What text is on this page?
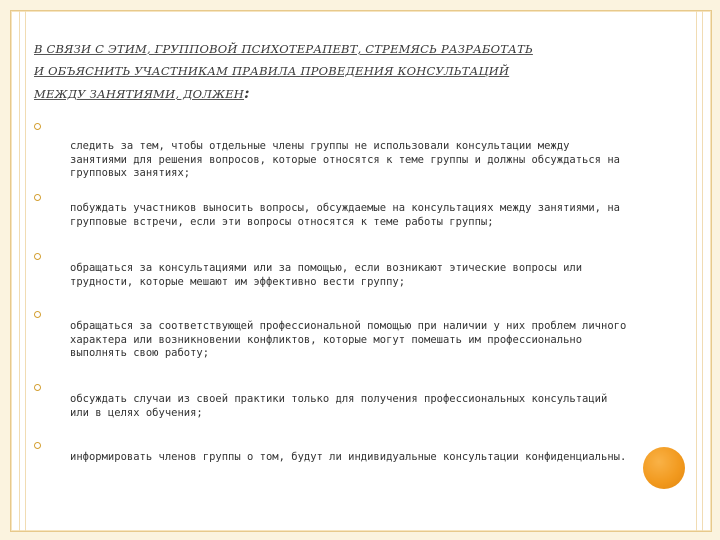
В СВЯЗИ С ЭТИМ, ГРУППОВОЙ ПСИХОТЕРАПЕВТ, СТРЕМЯСЬ РАЗРАБОТАТЬ
И ОБЪЯСНИТЬ УЧАСТНИКАМ ПРАВИЛА ПРОВЕДЕНИЯ КОНСУЛЬТАЦИЙ
МЕЖДУ ЗАНЯТИЯМИ, ДОЛЖЕН:
следить за тем, чтобы отдельные члены группы не использовали консультации между занятиями для решения вопросов, которые относятся к теме группы и должны обсуждаться на групповых занятиях;
побуждать участников выносить вопросы, обсуждаемые на консультациях между занятиями, на групповые встречи, если эти вопросы относятся к теме работы группы;
обращаться за консультациями или за помощью, если возникают этические вопросы или трудности, которые мешают им эффективно вести группу;
обращаться за соответствующей профессиональной помощью при наличии у них проблем личного характера или возникновении конфликтов, которые могут помешать им профессионально выполнять свою работу;
обсуждать случаи из своей практики только для получения профессиональных консультаций или в целях обучения;
информировать членов группы о том, будут ли индивидуальные консультации конфиденциальны.
